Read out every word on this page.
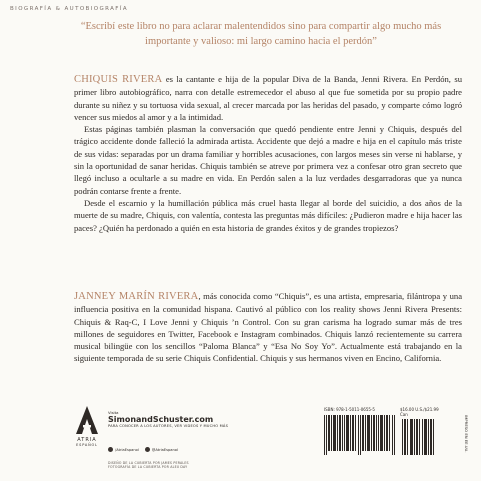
BIOGRAFÍA & AUTOBIOGRAFÍA
“Escribí este libro no para aclarar malentendidos sino para compartir algo mucho más importante y valioso: mi largo camino hacia el perdón”

CHIQUIS RIVERA es la cantante e hija de la popular Diva de la Banda, Jenni Rivera. En Perdón, su primer libro autobiográfico, narra con detalle estremecedor el abuso al que fue sometida por su propio padre durante su niñez y su tortuosa vida sexual, al crecer marcada por las heridas del pasado, y comparte cómo logró vencer sus miedos al amor y a la intimidad.

Estas páginas también plasman la conversación que quedó pendiente entre Jenni y Chiquis, después del trágico accidente donde falleció la admirada artista. Accidente que dejó a madre e hija en el capítulo más triste de sus vidas: separadas por un drama familiar y horribles acusaciones, con largos meses sin verse ni hablarse, y sin la oportunidad de sanar heridas. Chiquis también se atreve por primera vez a confesar otro gran secreto que llegó incluso a ocultarle a su madre en vida. En Perdón salen a la luz verdades desgarradoras que ya nunca podrán contarse frente a frente.

Desde el escarnio y la humillación pública más cruel hasta llegar al borde del suicidio, a dos años de la muerte de su madre, Chiquis, con valentía, contesta las preguntas más difíciles: ¿Pudieron madre e hija hacer las paces? ¿Quién ha perdonado a quién en esta historia de grandes éxitos y de grandes tropiezos?

JANNEY MARÍN RIVERA, más conocida como “Chiquis”, es una artista, empresaria, filántropa y una influencia positiva en la comunidad hispana. Cautivó al público con los reality shows Jenni Rivera Presents: Chiquis & Raq-C, I Love Jenni y Chiquis ’n Control. Con su gran carisma ha logrado sumar más de tres millones de seguidores en Twitter, Facebook e Instagram combinados. Chiquis lanzó recientemente su carrera musical bilingüe con los sencillos “Paloma Blanca” y “Esa No Soy Yo”. Actualmente está trabajando en la siguiente temporada de su serie Chiquis Confidential. Chiquis y sus hermanos viven en Encino, California.

ATRIA
ESPAÑOL
Visita
SimonandSchuster.com
PARA CONOCER A LOS AUTORES, VER VIDEOS Y MUCHO MÁS
/AtriaEspanol	@AtriaEspanol
DISEÑO DE LA CUBIERTA POR JAMES PERALES
FOTOGRAFÍA DE LA CUBIERTA POR ALEX DAY
ISBN: 978-1-5011-0655-5	$16.00 U.S./$21.99 Can
IMPRESO EN EE.UU.
